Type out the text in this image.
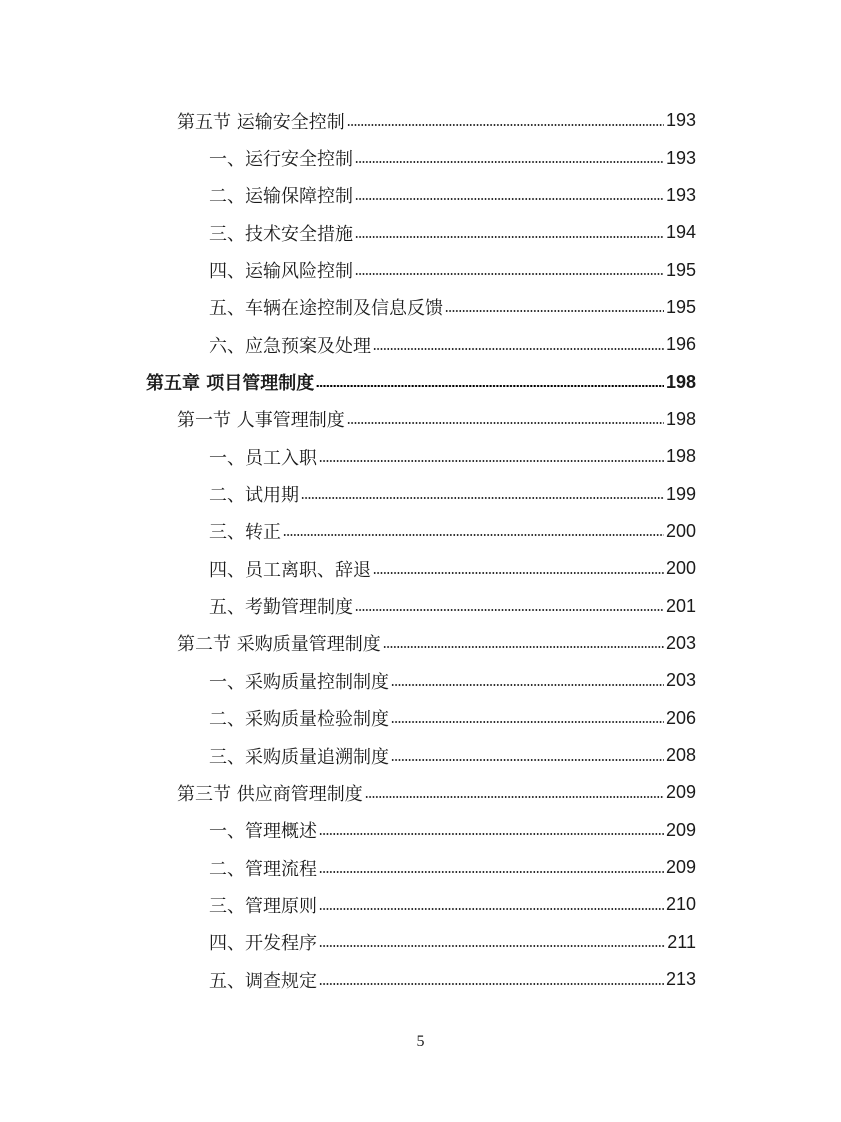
第五节 运输安全控制	193
一、运行安全控制	193
二、运输保障控制	193
三、技术安全措施	194
四、运输风险控制	195
五、车辆在途控制及信息反馈	195
六、应急预案及处理	196
第五章 项目管理制度	198
第一节 人事管理制度	198
一、员工入职	198
二、试用期	199
三、转正	200
四、员工离职、辞退	200
五、考勤管理制度	201
第二节 采购质量管理制度	203
一、采购质量控制制度	203
二、采购质量检验制度	206
三、采购质量追溯制度	208
第三节 供应商管理制度	209
一、管理概述	209
二、管理流程	209
三、管理原则	210
四、开发程序	211
五、调查规定	213
5
